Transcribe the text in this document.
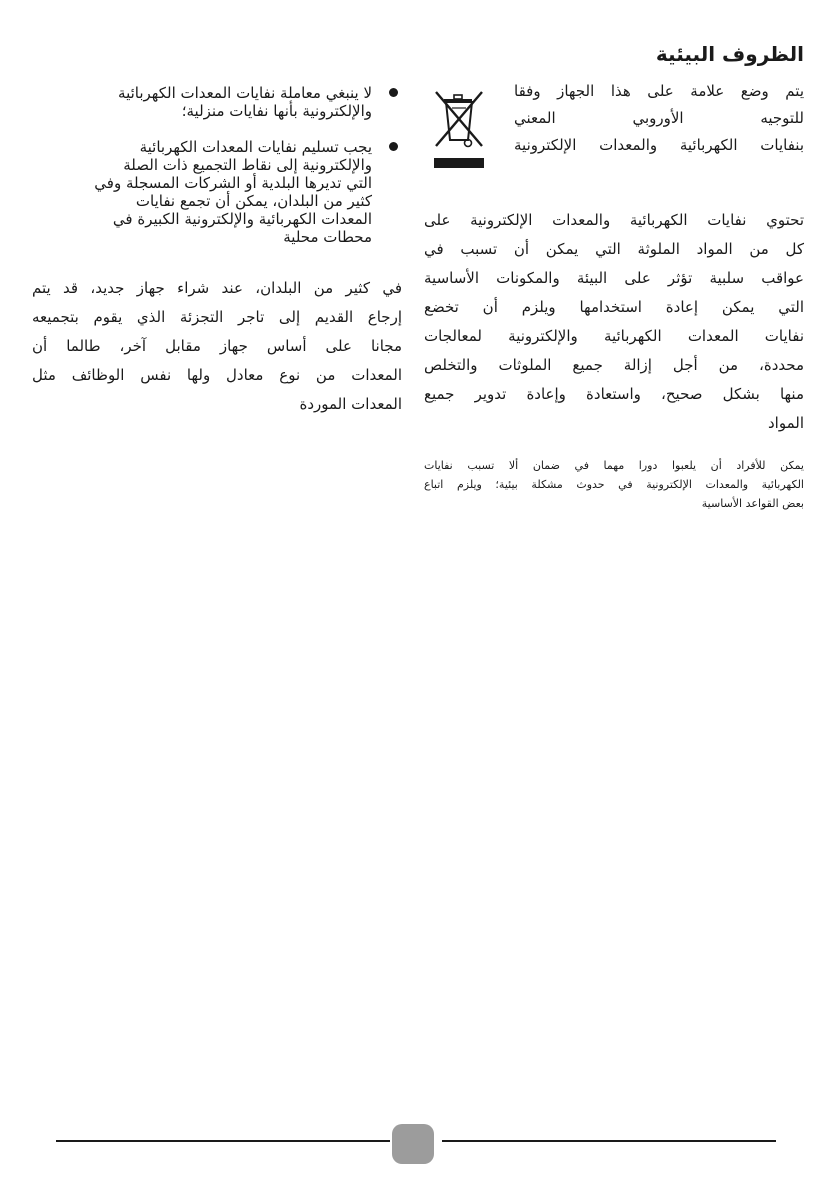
الظروف البيئية
يتم وضع علامة على هذا الجهاز وفقا
للتوجيه الأوروبي المعني
بنفايات الكهربائية والمعدات الإلكترونية
تحتوي نفايات الكهربائية والمعدات الإلكترونية على
كل من المواد الملوثة التي يمكن أن تسبب في
عواقب سلبية تؤثر على البيئة والمكونات الأساسية
التي يمكن إعادة استخدامها ويلزم أن تخضع
نفايات المعدات الكهربائية والإلكترونية لمعالجات
محددة، من أجل إزالة جميع الملوثات والتخلص
منها بشكل صحيح، واستعادة وإعادة تدوير جميع
المواد
يمكن للأفراد أن يلعبوا دورا مهما في ضمان ألا تسبب نفايات
الكهربائية والمعدات الإلكترونية في حدوث مشكلة بيئية؛ ويلزم اتباع
بعض القواعد الأساسية
لا ينبغي معاملة نفايات المعدات الكهربائية
والإلكترونية بأنها نفايات منزلية؛
يجب تسليم نفايات المعدات الكهربائية
والإلكترونية إلى نقاط التجميع ذات الصلة
التي تديرها البلدية أو الشركات المسجلة وفي
كثير من البلدان، يمكن أن تجمع نفايات
المعدات الكهربائية والإلكترونية الكبيرة في
محطات محلية
في كثير من البلدان، عند شراء جهاز جديد، قد يتم
إرجاع القديم إلى تاجر التجزئة الذي يقوم بتجميعه
مجانا على أساس جهاز مقابل آخر، طالما أن
المعدات من نوع معادل ولها نفس الوظائف مثل
المعدات الموردة
